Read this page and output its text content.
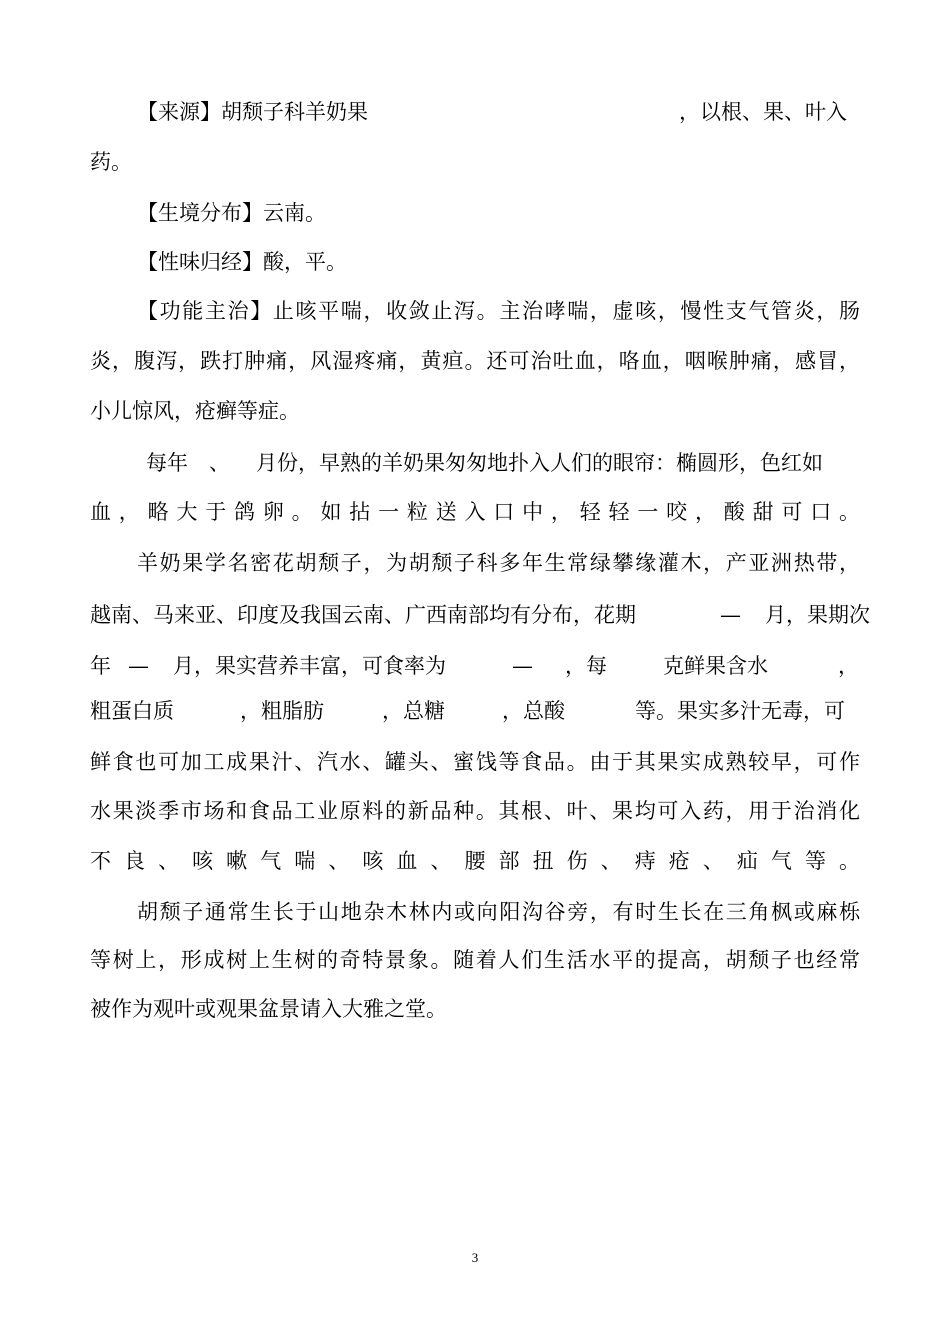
【来源】胡颓子科羊奶果	，以根、果、叶入
药。
【生境分布】云南。
【性味归经】酸，平。
【功能主治】止咳平喘，收敛止泻。主治哮喘，虚咳，慢性支气管炎，肠
炎，腹泻，跌打肿痛，风湿疼痛，黄疸。还可治吐血，咯血，咽喉肿痛，感冒，
小儿惊风，疮癣等症。
每年 、 月份，早熟的羊奶果匆匆地扑入人们的眼帘：椭圆形，色红如
血，略大于鸽卵。如拈一粒送入口中，轻轻一咬，酸甜可口。
羊奶果学名密花胡颓子，为胡颓子科多年生常绿攀缘灌木，产亚洲热带，
越南、马来亚、印度及我国云南、广西南部均有分布，花期	— 月，果期次
年 — 月，果实营养丰富，可食率为	— ，每	克鲜果含水	，
粗蛋白质	，粗脂肪	，总糖	，总酸	等。果实多汁无毒，可
鲜食也可加工成果汁、汽水、罐头、蜜饯等食品。由于其果实成熟较早，可作
水果淡季市场和食品工业原料的新品种。其根、叶、果均可入药，用于治消化
不良、咳嗽气喘、咳血、腰部扭伤、痔疮、疝气等。
胡颓子通常生长于山地杂木林内或向阳沟谷旁，有时生长在三角枫或麻栎
等树上，形成树上生树的奇特景象。随着人们生活水平的提高，胡颓子也经常
被作为观叶或观果盆景请入大雅之堂。
3
